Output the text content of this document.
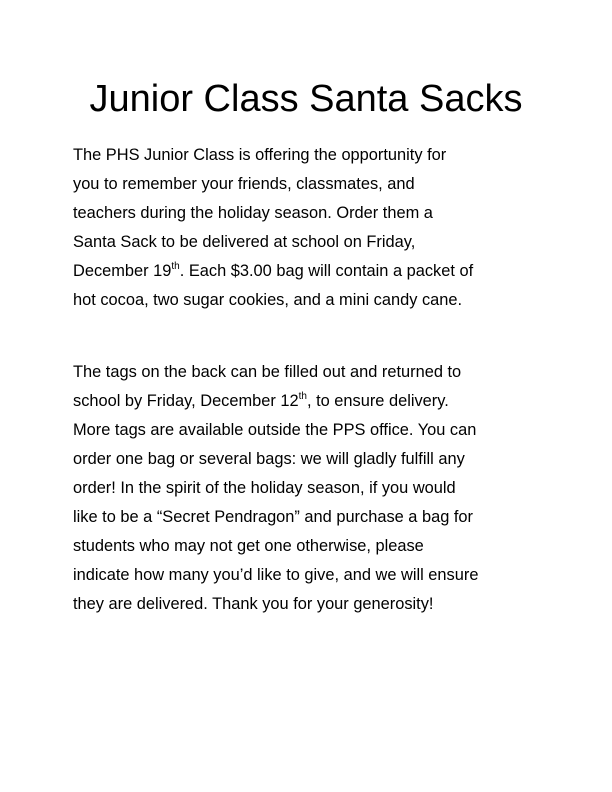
Junior Class Santa Sacks
The PHS Junior Class is offering the opportunity for
you to remember your friends, classmates, and
teachers during the holiday season. Order them a
Santa Sack to be delivered at school on Friday,
December 19th. Each $3.00 bag will contain a packet of
hot cocoa, two sugar cookies, and a mini candy cane.
The tags on the back can be filled out and returned to
school by Friday, December 12th, to ensure delivery.
More tags are available outside the PPS office. You can
order one bag or several bags: we will gladly fulfill any
order! In the spirit of the holiday season, if you would
like to be a “Secret Pendragon” and purchase a bag for
students who may not get one otherwise, please
indicate how many you’d like to give, and we will ensure
they are delivered. Thank you for your generosity!
